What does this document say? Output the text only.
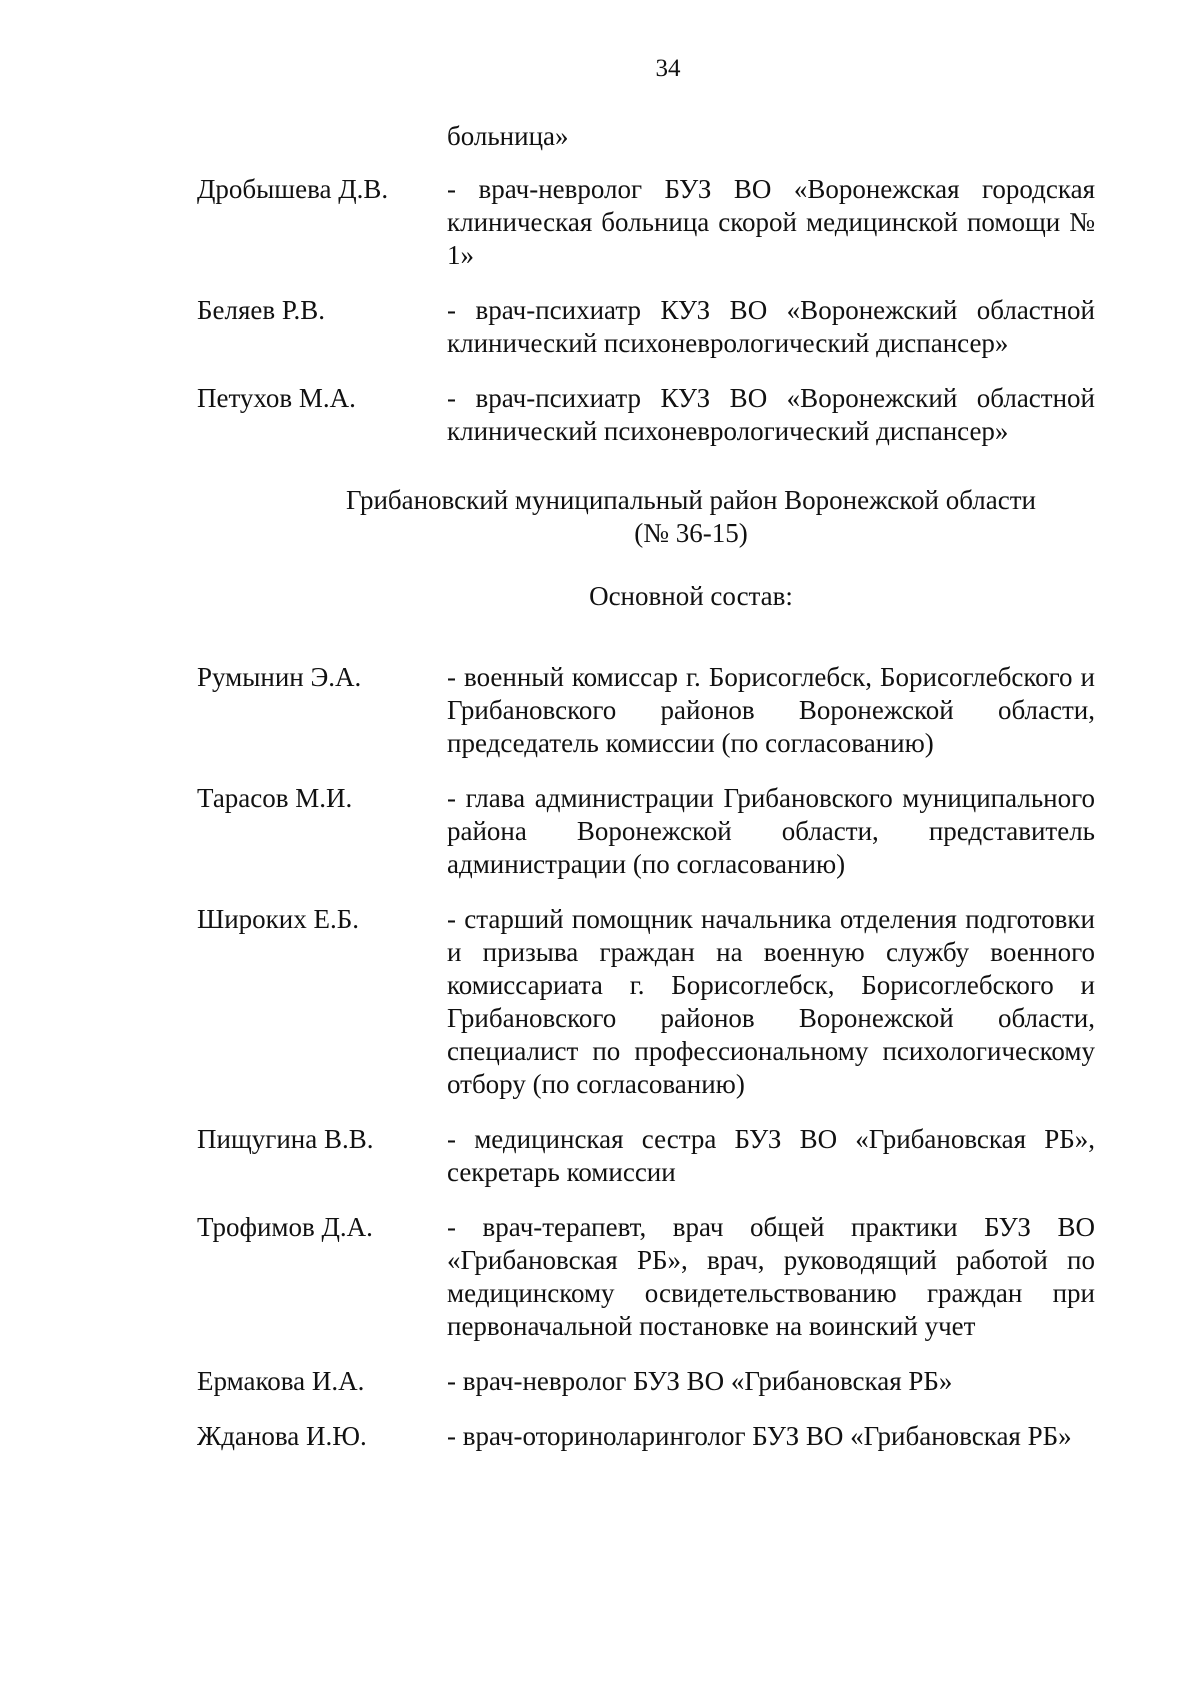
34
больница»
Дробышева Д.В.	- врач-невролог БУЗ ВО «Воронежская городская клиническая больница скорой медицинской помощи № 1»
Беляев Р.В.	- врач-психиатр КУЗ ВО «Воронежский областной клинический психоневрологический диспансер»
Петухов М.А.	- врач-психиатр КУЗ ВО «Воронежский областной клинический психоневрологический диспансер»
Грибановский муниципальный район Воронежской области
(№ 36-15)
Основной состав:
Румынин Э.А.	- военный комиссар г. Борисоглебск, Борисоглебского и Грибановского районов Воронежской области, председатель комиссии (по согласованию)
Тарасов М.И.	- глава администрации Грибановского муниципального района Воронежской области, представитель администрации (по согласованию)
Широких Е.Б.	- старший помощник начальника отделения подготовки и призыва граждан на военную службу военного комиссариата г. Борисоглебск, Борисоглебского и Грибановского районов Воронежской области, специалист по профессиональному психологическому отбору (по согласованию)
Пищугина В.В.	- медицинская сестра БУЗ ВО «Грибановская РБ», секретарь комиссии
Трофимов Д.А.	- врач-терапевт, врач общей практики БУЗ ВО «Грибановская РБ», врач, руководящий работой по медицинскому освидетельствованию граждан при первоначальной постановке на воинский учет
Ермакова И.А.	- врач-невролог БУЗ ВО «Грибановская РБ»
Жданова И.Ю.	- врач-оториноларинголог БУЗ ВО «Грибановская РБ»
